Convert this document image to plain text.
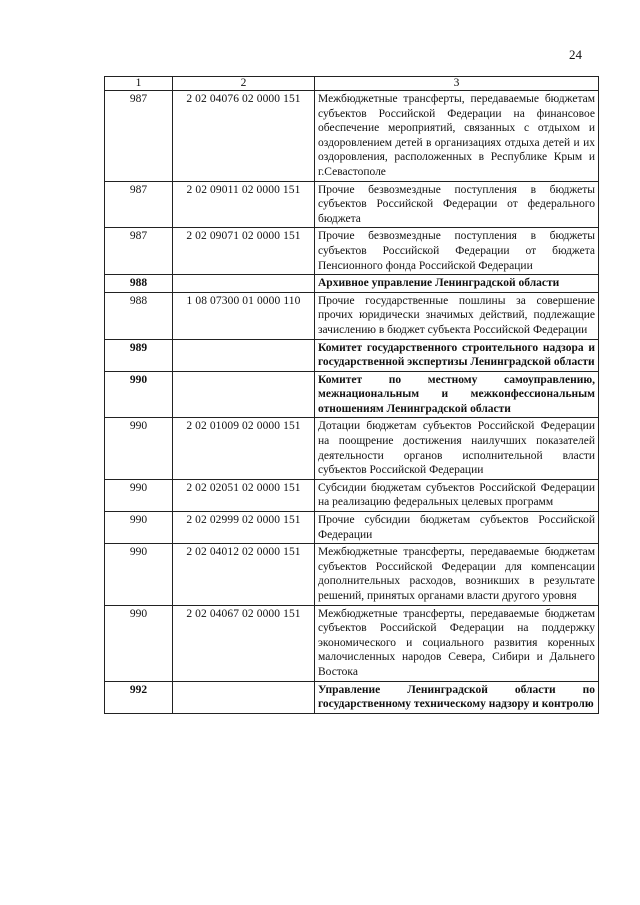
24
1	2	3
987	2 02 04076 02 0000 151	Межбюджетные трансферты, передаваемые бюджетам субъектов Российской Федерации на финансовое обеспечение мероприятий, связанных с отдыхом и оздоровлением детей в организациях отдыха детей и их оздоровления, расположенных в Республике Крым и г.Севастополе
987	2 02 09011 02 0000 151	Прочие безвозмездные поступления в бюджеты субъектов Российской Федерации от федерального бюджета
987	2 02 09071 02 0000 151	Прочие безвозмездные поступления в бюджеты субъектов Российской Федерации от бюджета Пенсионного фонда Российской Федерации
988		Архивное управление Ленинградской области
988	1 08 07300 01 0000 110	Прочие государственные пошлины за совершение прочих юридически значимых действий, подлежащие зачислению в бюджет субъекта Российской Федерации
989		Комитет государственного строительного надзора и государственной экспертизы Ленинградской области
990		Комитет по местному самоуправлению, межнациональным и межконфессиональным отношениям Ленинградской области
990	2 02 01009 02 0000 151	Дотации бюджетам субъектов Российской Федерации на поощрение достижения наилучших показателей деятельности органов исполнительной власти субъектов Российской Федерации
990	2 02 02051 02 0000 151	Субсидии бюджетам субъектов Российской Федерации на реализацию федеральных целевых программ
990	2 02 02999 02 0000 151	Прочие субсидии бюджетам субъектов Российской Федерации
990	2 02 04012 02 0000 151	Межбюджетные трансферты, передаваемые бюджетам субъектов Российской Федерации для компенсации дополнительных расходов, возникших в результате решений, принятых органами власти другого уровня
990	2 02 04067 02 0000 151	Межбюджетные трансферты, передаваемые бюджетам субъектов Российской Федерации на поддержку экономического и социального развития коренных малочисленных народов Севера, Сибири и Дальнего Востока
992		Управление Ленинградской области по государственному техническому надзору и контролю
